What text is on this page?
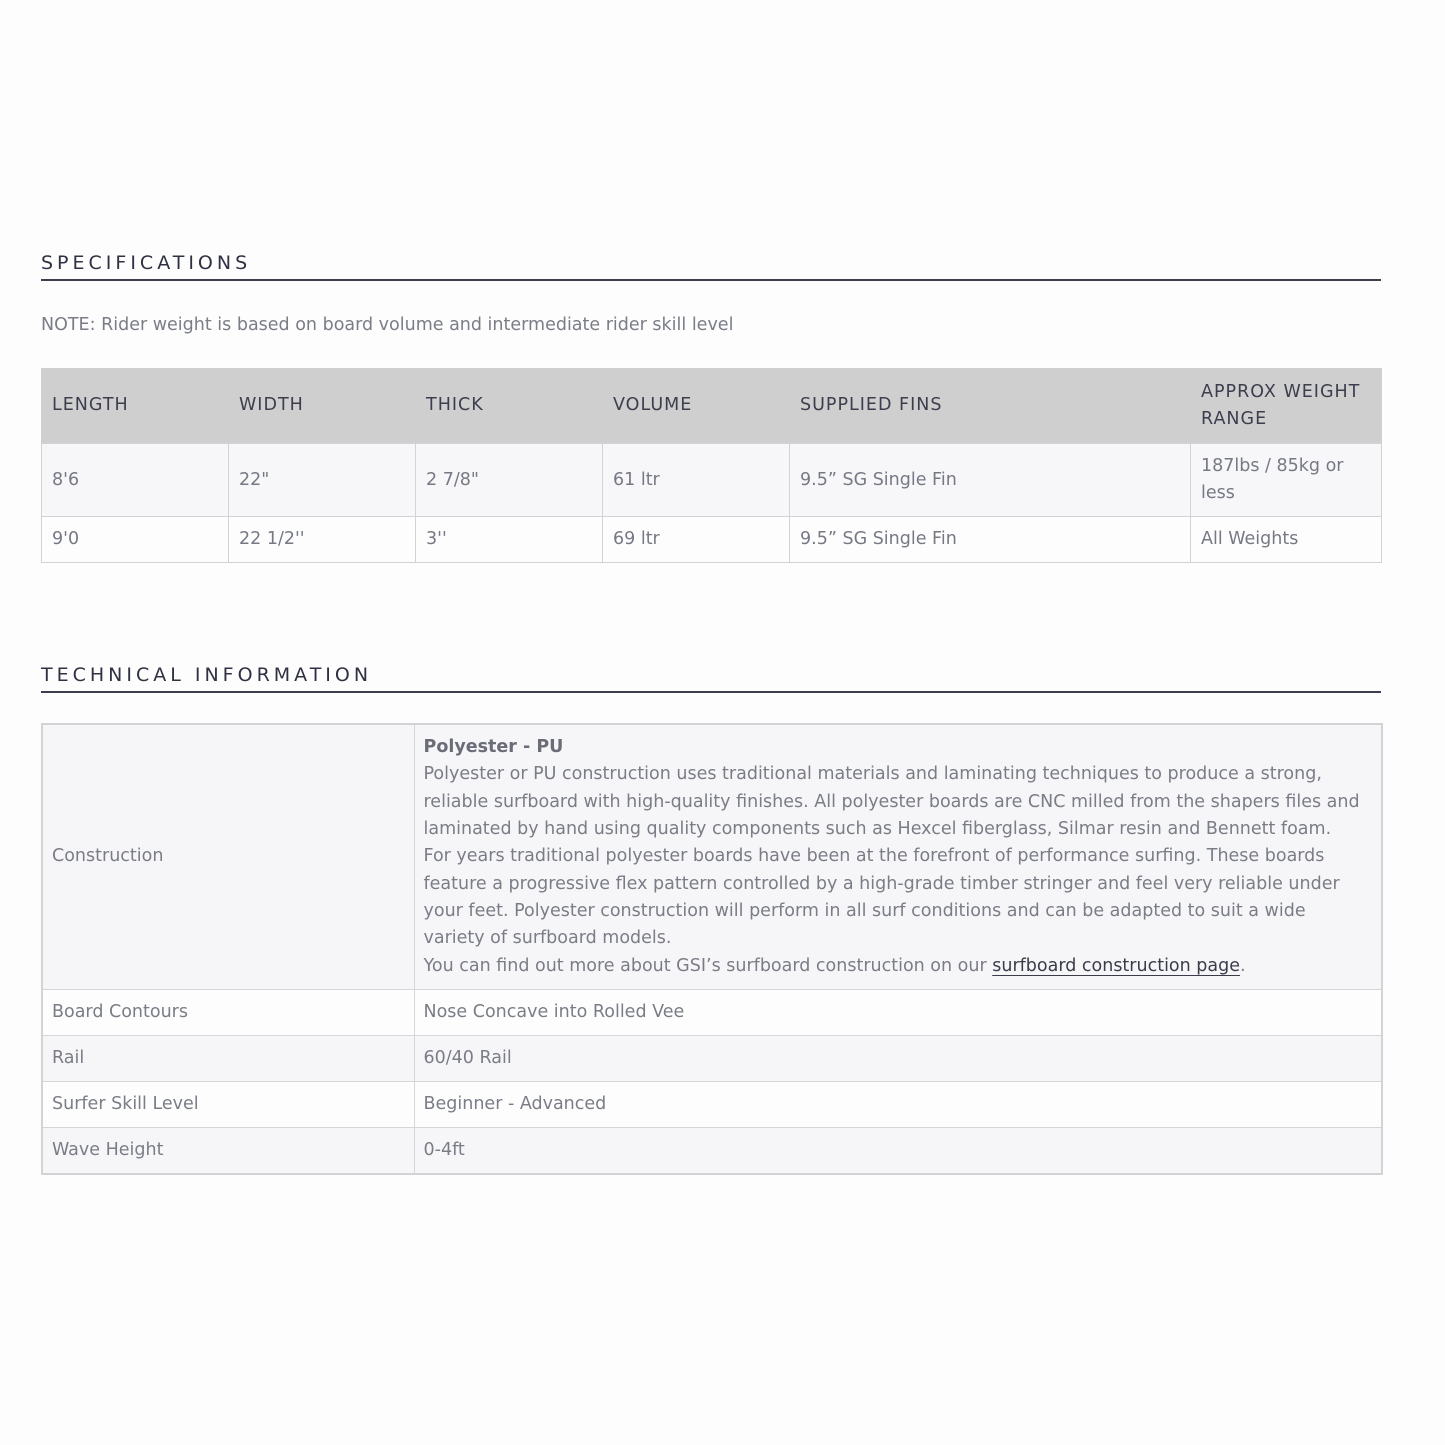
SPECIFICATIONS
NOTE: Rider weight is based on board volume and intermediate rider skill level
LENGTH	WIDTH	THICK	VOLUME	SUPPLIED FINS	APPROX WEIGHT RANGE
8'6	22"	2 7/8"	61 ltr	9.5” SG Single Fin	187lbs / 85kg or less
9'0	22 1/2''	3''	69 ltr	9.5” SG Single Fin	All Weights
TECHNICAL INFORMATION
Construction	Polyester - PU
Polyester or PU construction uses traditional materials and laminating techniques to produce a strong, reliable surfboard with high-quality finishes. All polyester boards are CNC milled from the shapers files and laminated by hand using quality components such as Hexcel fiberglass, Silmar resin and Bennett foam.
For years traditional polyester boards have been at the forefront of performance surfing. These boards feature a progressive flex pattern controlled by a high-grade timber stringer and feel very reliable under your feet. Polyester construction will perform in all surf conditions and can be adapted to suit a wide variety of surfboard models.
You can find out more about GSI’s surfboard construction on our surfboard construction page.

Board Contours	Nose Concave into Rolled Vee
Rail	60/40 Rail
Surfer Skill Level	Beginner - Advanced
Wave Height	0-4ft
